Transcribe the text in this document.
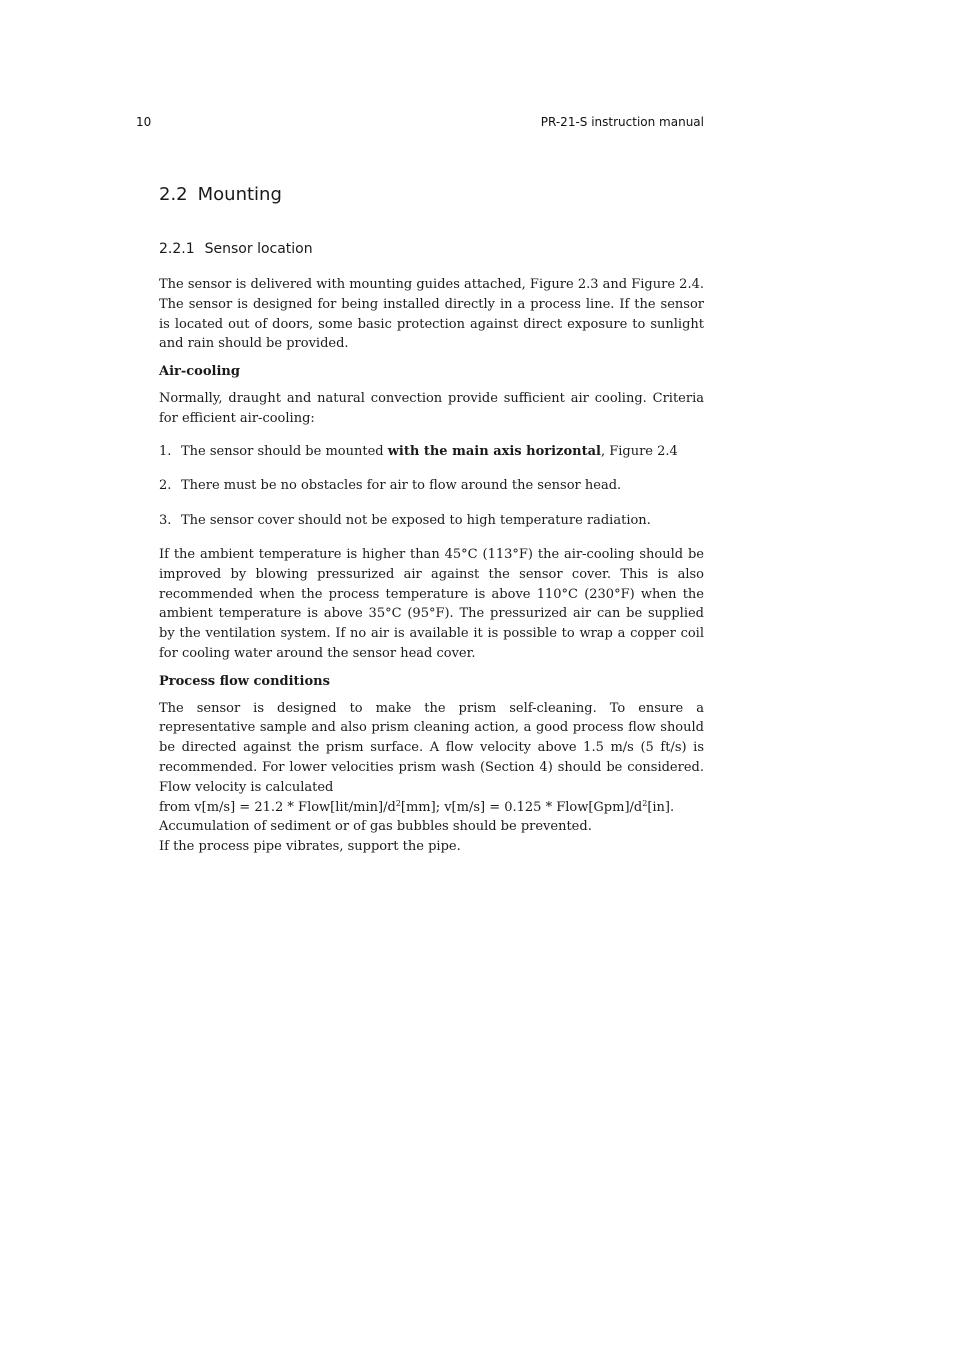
10	PR-21-S instruction manual
2.2 Mounting
2.2.1 Sensor location

The sensor is delivered with mounting guides attached, Figure 2.3 and Figure 2.4. The sensor is designed for being installed directly in a process line. If the sensor is located out of doors, some basic protection against direct exposure to sunlight and rain should be provided.

Air-cooling

Normally, draught and natural convection provide sufficient air cooling. Criteria for efficient air-cooling:

1. The sensor should be mounted with the main axis horizontal, Figure 2.4
2. There must be no obstacles for air to flow around the sensor head.
3. The sensor cover should not be exposed to high temperature radiation.

If the ambient temperature is higher than 45°C (113°F) the air-cooling should be improved by blowing pressurized air against the sensor cover. This is also recommended when the process temperature is above 110°C (230°F) when the ambient temperature is above 35°C (95°F). The pressurized air can be supplied by the ventilation system. If no air is available it is possible to wrap a copper coil for cooling water around the sensor head cover.

Process flow conditions

The sensor is designed to make the prism self-cleaning. To ensure a representative sample and also prism cleaning action, a good process flow should be directed against the prism surface. A flow velocity above 1.5 m/s (5 ft/s) is recommended. For lower velocities prism wash (Section 4) should be considered. Flow velocity is calculated

from $v[m/s] = 21.2 * Flow[lit/\min]/d^2[mm]$; $v[m/s] = 0.125 * Flow[Gpm]/d^2[in]$.

Accumulation of sediment or of gas bubbles should be prevented.

If the process pipe vibrates, support the pipe.
